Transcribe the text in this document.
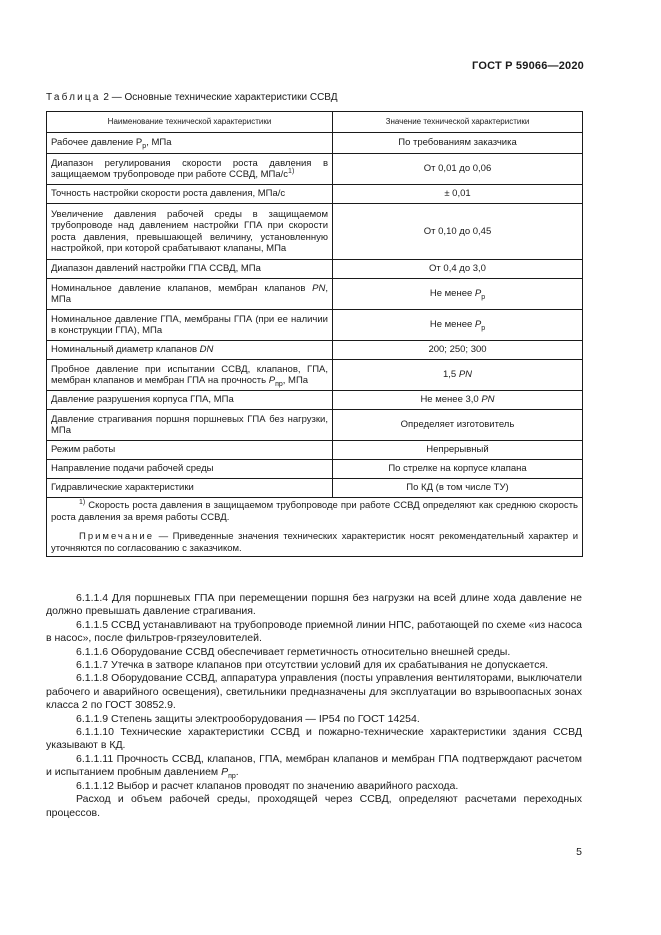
ГОСТ Р 59066—2020
Таблица 2 — Основные технические характеристики ССВД
Наименование технической характеристики	Значение технической характеристики
Рабочее давление $P_р$, МПа	По требованиям заказчика
Диапазон регулирования скорости роста давления в защищаемом трубопроводе при работе ССВД, МПа/$с^{1)}$	От 0,01 до 0,06
Точность настройки скорости роста давления, МПа/с	± 0,01
Увеличение давления рабочей среды в защищаемом трубопроводе над давлением настройки ГПА при скорости роста давления, превышающей величину, установленную настройкой, при которой срабатывают клапаны, МПа	От 0,10 до 0,45
Диапазон давлений настройки ГПА ССВД, МПа	От 0,4 до 3,0
Номинальное давление клапанов, мембран клапанов PN, МПа	Не менее $P_р$
Номинальное давление ГПА, мембраны ГПА (при ее наличии в конструкции ГПА), МПа	Не менее $P_р$
Номинальный диаметр клапанов DN	200; 250; 300
Пробное давление при испытании ССВД, клапанов, ГПА, мембран клапанов и мембран ГПА на прочность $P_{пр}$, МПа	1,5 PN
Давление разрушения корпуса ГПА, МПа	Не менее 3,0 PN
Давление страгивания поршня поршневых ГПА без нагрузки, МПа	Определяет изготовитель
Режим работы	Непрерывный
Направление подачи рабочей среды	По стрелке на корпусе клапана
Гидравлические характеристики	По КД (в том числе ТУ)

$^{1)}$ Скорость роста давления в защищаемом трубопроводе при работе ССВД определяют как среднюю скорость роста давления за время работы ССВД.
Примечание — Приведенные значения технических характеристик носят рекомендательный характер и уточняются по согласованию с заказчиком.	

6.1.1.4 Для поршневых ГПА при перемещении поршня без нагрузки на всей длине хода давление не должно превышать давление страгивания.

6.1.1.5 ССВД устанавливают на трубопроводе приемной линии НПС, работающей по схеме «из насоса в насос», после фильтров-грязеуловителей.

6.1.1.6 Оборудование ССВД обеспечивает герметичность относительно внешней среды.

6.1.1.7 Утечка в затворе клапанов при отсутствии условий для их срабатывания не допускается.

6.1.1.8 Оборудование ССВД, аппаратура управления (посты управления вентиляторами, выключатели рабочего и аварийного освещения), светильники предназначены для эксплуатации во взрывоопасных зонах класса 2 по ГОСТ 30852.9.

6.1.1.9 Степень защиты электрооборудования — IP54 по ГОСТ 14254.

6.1.1.10 Технические характеристики ССВД и пожарно-технические характеристики здания ССВД указывают в КД.

6.1.1.11 Прочность ССВД, клапанов, ГПА, мембран клапанов и мембран ГПА подтверждают расчетом и испытанием пробным давлением $P_{пр}$.

6.1.1.12 Выбор и расчет клапанов проводят по значению аварийного расхода.

Расход и объем рабочей среды, проходящей через ССВД, определяют расчетами переходных процессов.

5
